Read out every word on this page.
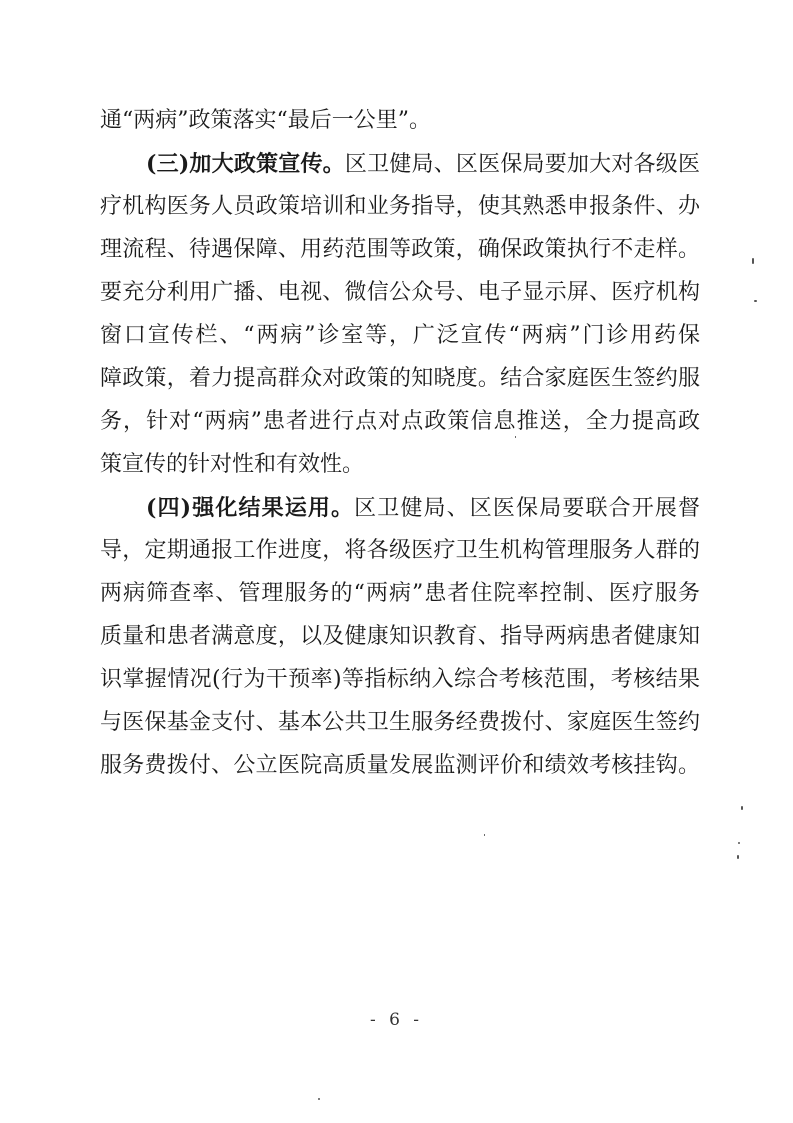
通“两病”政策落实“最后一公里”。
(三)加大政策宣传。区卫健局、区医保局要加大对各级医
疗机构医务人员政策培训和业务指导，使其熟悉申报条件、办
理流程、待遇保障、用药范围等政策，确保政策执行不走样。
要充分利用广播、电视、微信公众号、电子显示屏、医疗机构
窗口宣传栏、“两病”诊室等，广泛宣传“两病”门诊用药保
障政策，着力提高群众对政策的知晓度。结合家庭医生签约服
务，针对“两病”患者进行点对点政策信息推送，全力提高政
策宣传的针对性和有效性。
(四)强化结果运用。区卫健局、区医保局要联合开展督
导，定期通报工作进度，将各级医疗卫生机构管理服务人群的
两病筛查率、管理服务的“两病”患者住院率控制、医疗服务
质量和患者满意度，以及健康知识教育、指导两病患者健康知
识掌握情况(行为干预率)等指标纳入综合考核范围，考核结果
与医保基金支付、基本公共卫生服务经费拨付、家庭医生签约
服务费拨付、公立医院高质量发展监测评价和绩效考核挂钩。
- 6 -
